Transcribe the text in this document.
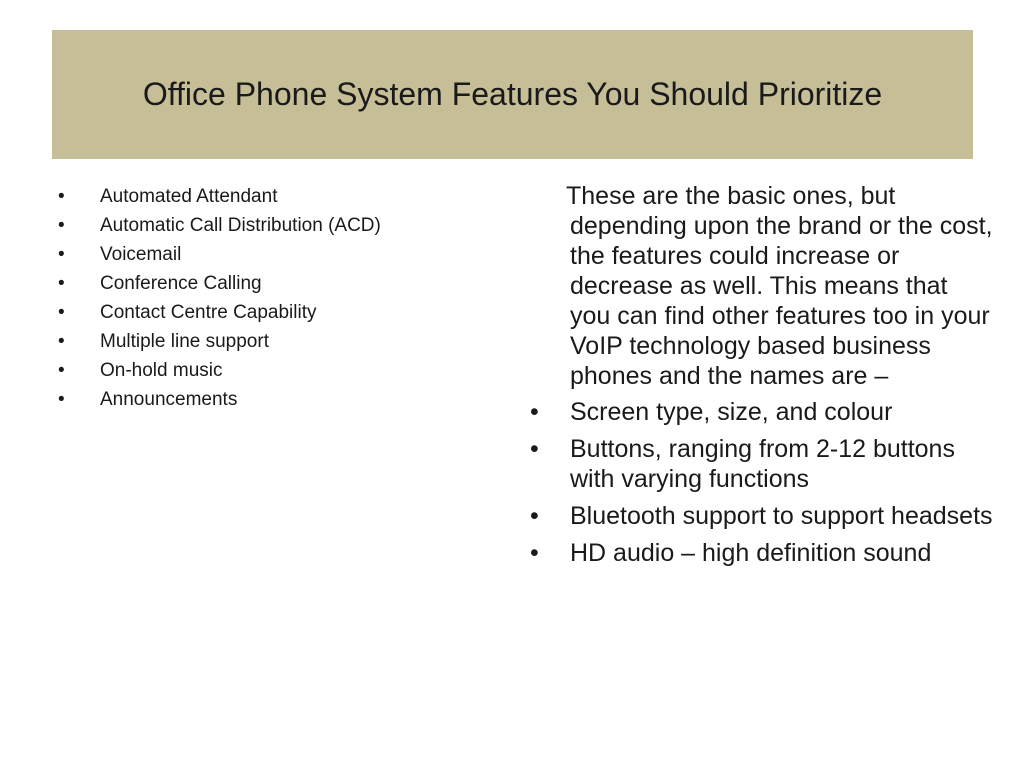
Office Phone System Features You Should Prioritize
• Automated Attendant
• Automatic Call Distribution (ACD)
• Voicemail
• Conference Calling
• Contact Centre Capability
• Multiple line support
• On-hold music
• Announcements

These are the basic ones, but depending upon the brand or the cost, the features could increase or decrease as well. This means that you can find other features too in your VoIP technology based business phones and the names are –

• Screen type, size, and colour
• Buttons, ranging from 2-12 buttons with varying functions
• Bluetooth support to support headsets
• HD audio – high definition sound
